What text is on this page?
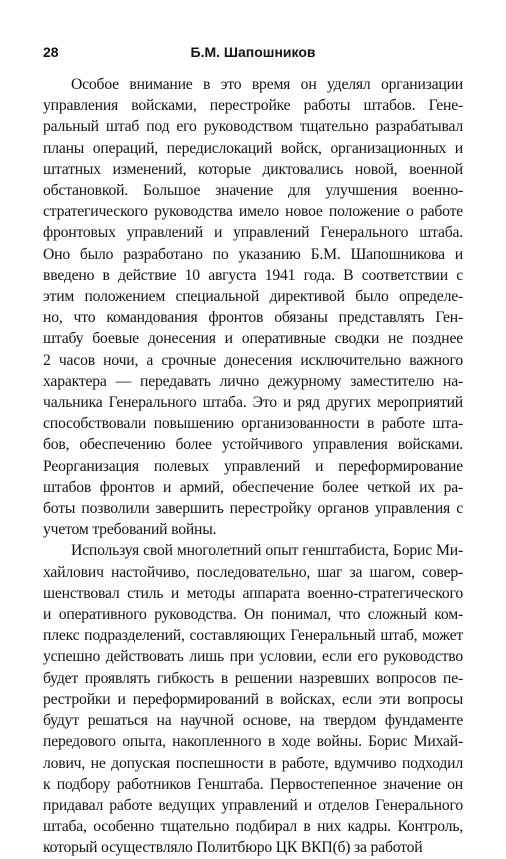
28	Б.М. Шапошников
Особое внимание в это время он уделял организации
управления войсками, перестройке работы штабов. Гене-
ральный штаб под его руководством тщательно разрабатывал
планы операций, передислокаций войск, организационных и
штатных изменений, которые диктовались новой, военной
обстановкой. Большое значение для улучшения военно-
стратегического руководства имело новое положение о работе
фронтовых управлений и управлений Генерального штаба.
Оно было разработано по указанию Б.М. Шапошникова и
введено в действие 10 августа 1941 года. В соответствии с
этим положением специальной директивой было определе-
но, что командования фронтов обязаны представлять Ген-
штабу боевые донесения и оперативные сводки не позднее
2 часов ночи, а срочные донесения исключительно важного
характера — передавать лично дежурному заместителю на-
чальника Генерального штаба. Это и ряд других мероприятий
способствовали повышению организованности в работе шта-
бов, обеспечению более устойчивого управления войсками.
Реорганизация полевых управлений и переформирование
штабов фронтов и армий, обеспечение более четкой их ра-
боты позволили завершить перестройку органов управления с
учетом требований войны.
Используя свой многолетний опыт генштабиста, Борис Ми-
хайлович настойчиво, последовательно, шаг за шагом, совер-
шенствовал стиль и методы аппарата военно-стратегического
и оперативного руководства. Он понимал, что сложный ком-
плекс подразделений, составляющих Генеральный штаб, может
успешно действовать лишь при условии, если его руководство
будет проявлять гибкость в решении назревших вопросов пе-
рестройки и переформирований в войсках, если эти вопросы
будут решаться на научной основе, на твердом фундаменте
передового опыта, накопленного в ходе войны. Борис Михай-
лович, не допуская поспешности в работе, вдумчиво подходил
к подбору работников Генштаба. Первостепенное значение он
придавал работе ведущих управлений и отделов Генерального
штаба, особенно тщательно подбирал в них кадры. Контроль,
который осуществляло Политбюро ЦК ВКП(б) за работой
